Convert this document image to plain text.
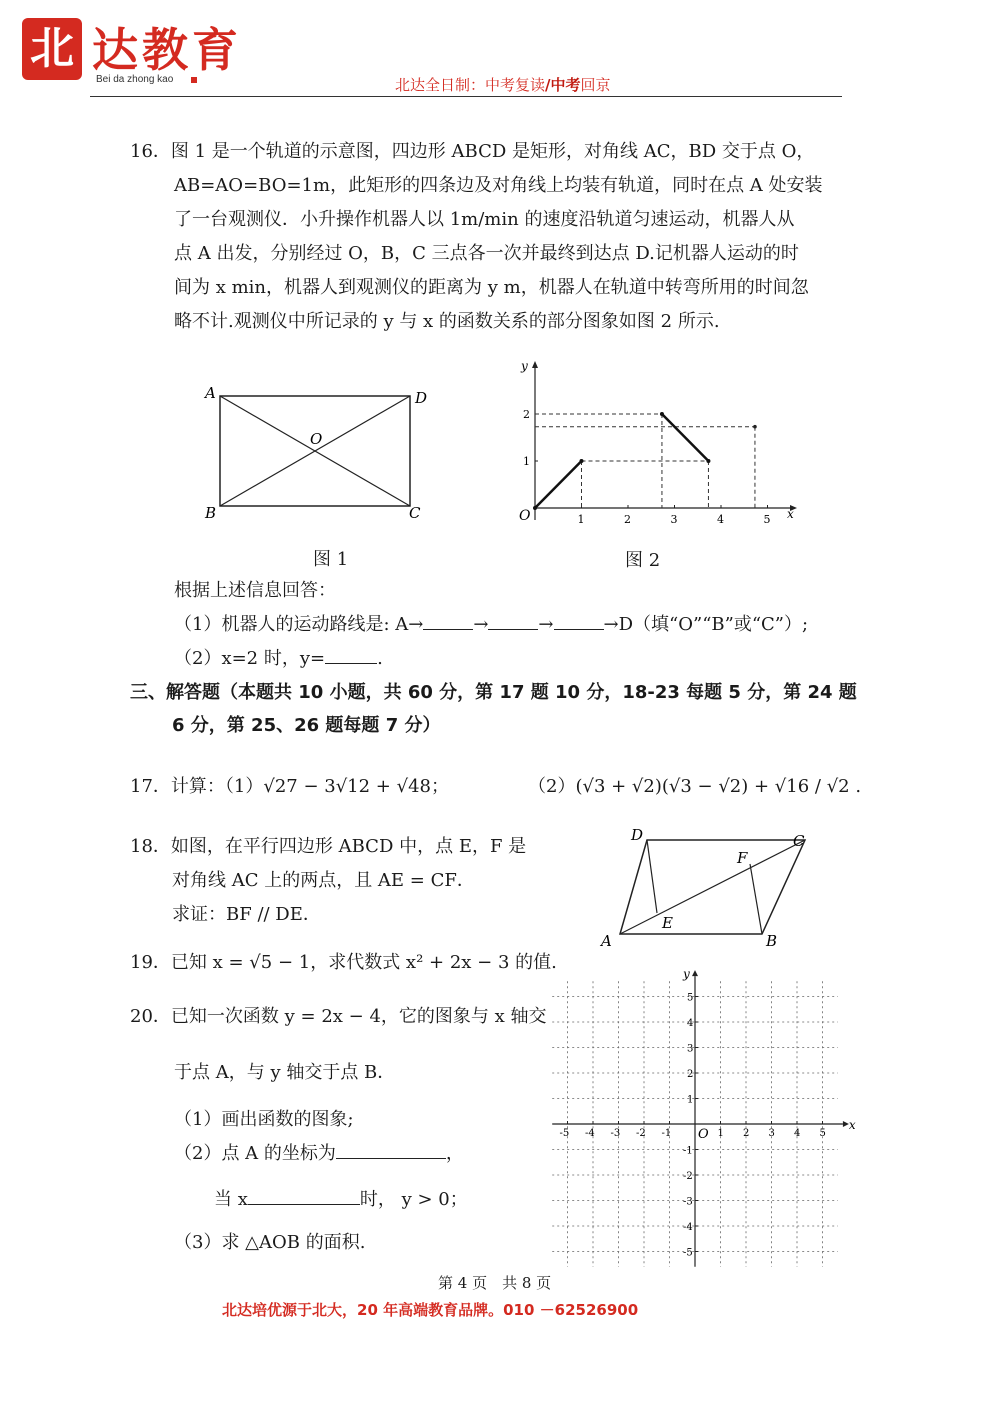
北 达教育
Bei da zhong kao	北达全日制：中考复读/中考回京
16．图 1 是一个轨道的示意图，四边形 ABCD 是矩形，对角线 AC，BD 交于点 O，
AB=AO=BO=1m，此矩形的四条边及对角线上均装有轨道，同时在点 A 处安装
了一台观测仪．小升操作机器人以 1m/min 的速度沿轨道匀速运动，机器人从
点 A 出发，分别经过 O，B，C 三点各一次并最终到达点 D.记机器人运动的时
间为 x min，机器人到观测仪的距离为 y m，机器人在轨道中转弯所用的时间忽
略不计.观测仪中所记录的 y 与 x 的函数关系的部分图象如图 2 所示.
A	D
B	C
O
图 1
y
x
O	1	2	3	4	5
1
2
图 2
根据上述信息回答：
（1）机器人的运动路线是: A→	→	→	→D（填“O”“B”或“C”）;
（2）x=2 时，y=	.
三、解答题（本题共 10 小题，共 60 分，第 17 题 10 分，18-23 每题 5 分，第 24 题
6 分，第 25、26 题每题 7 分）
17．计算：（1）√27 − 3√12 + √48；	（2）(√3 + √2)(√3 − √2) + √16 / √2 .
18．如图，在平行四边形 ABCD 中，点 E，F 是
对角线 AC 上的两点，且 AE = CF．
求证：BF // DE．
D	C
A	B
E
F
19．已知 x = √5 − 1，求代数式 x² + 2x − 3 的值.
20．已知一次函数 y = 2x − 4，它的图象与 x 轴交
于点 A，与 y 轴交于点 B．
（1）画出函数的图象;
（2）点 A 的坐标为	，
当 x	时， y > 0；
（3）求 △AOB 的面积.
x
y
O
-5 -4 -3 -2 -1	1 2 3 4 5
5
4
3
2
1
-1
-2
-3
-4
-5
第 4 页　共 8 页
北达培优源于北大，20 年高端教育品牌。010 －62526900
